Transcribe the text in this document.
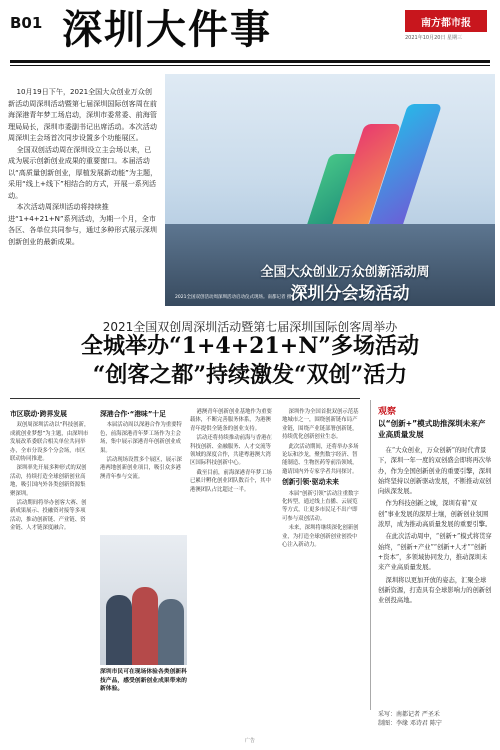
B01 深圳大件事	南方都市报
2021年10月20日 星期三

10月19日下午，2021全国大众创业万众创新活动周深圳活动暨第七届深圳国际创客周在前海深港青年梦工场启动，深圳市委常委、前海管理局局长，深圳市委副书记出席活动。本次活动周深圳主会场首次同步设置多个功能展区。

全国双创活动周在深圳设立主会场以来，已成为展示创新创业成果的重要窗口。本届活动以“高质量创新创业，厚植发展新动能”为主题，采用“线上+线下”相结合的方式，开展一系列活动。

本次活动周深圳活动将持续推进“1+4+21+N”系列活动，为期一个月，全市各区、各单位共同参与，通过多种形式展示深圳创新创业的最新成果。

全国大众创业万众创新活动周
深圳分会场活动
2021全国双创活动周深圳活动启动仪式现场。南都记者 摄
2021全国双创周深圳活动暨第七届深圳国际创客周举办
全城举办“1+4+21+N”多场活动
“创客之都”持续激发“双创”活力
市区联动·跨界发展

双创周深圳活动以“科技创新，成就创业梦想”为主题，由深圳市发展改革委联合相关单位共同举办，全市分设多个分会场，市区联动协同推进。

深圳率先开展多种形式的双创活动，持续打造全球创新创业高地，吸引国内外各类创新资源集聚深圳。

活动期间将举办创客大赛、创新成果展示、投融资对接等多项活动，推动创新链、产业链、资金链、人才链深度融合。

深港合作·“港味”十足

本届活动周以深港合作为重要特色，前海深港青年梦工场作为主会场，集中展示深港青年创新创业成果。

活动现场设置多个展区，展示深港两地创新创业项目，吸引众多港澳青年参与交流。

深圳市民可在现场体验各类创新科技产品，感受创新创业成果带来的新体验。

港澳青年创新创业基地作为重要载体，不断完善服务体系，为港澳青年提供全链条的创业支持。

活动还将持续推动前海与香港在科技创新、金融服务、人才交流等领域的深度合作，共建粤港澳大湾区国际科技创新中心。

截至目前，前海深港青年梦工场已累计孵化创业团队数百个，其中港澳团队占比超过一半。

深圳作为全国首批双创示范基地城市之一，围绕创新链布局产业链，围绕产业链部署创新链，持续优化创新创业生态。

此次活动期间，还将举办多场论坛和沙龙，聚焦数字经济、智能制造、生物医药等前沿领域，邀请国内外专家学者共同探讨。

创新引领·驱动未来

本届“创新引领”活动注重数字化转型，通过线上直播、云展览等方式，让更多市民足不出户即可参与双创活动。

未来，深圳将继续深化创新创业，为打造全球创新创业创投中心注入新动力。

观察
以“创新+”模式助推深圳未来产业高质量发展

在“大众创业，万众创新”的时代背景下，深圳一年一度的双创盛会即将再次举办，作为全国创新创业的重要引擎，深圳始终坚持以创新驱动发展，不断推动双创向纵深发展。

作为科技创新之城，深圳有着“双创”事业发展的深厚土壤，创新创业氛围浓厚，成为推动高质量发展的重要引擎。

在此次活动周中，“创新+”模式将贯穿始终，“创新+产业”“创新+人才”“创新+资本”，多领域协同发力，推动深圳未来产业高质量发展。

深圳将以更加开放的姿态，汇聚全球创新资源，打造具有全球影响力的创新创业创投高地。

采写：南都记者 严圣禾
制图：李缘 邓诗君 陈宁
广告
